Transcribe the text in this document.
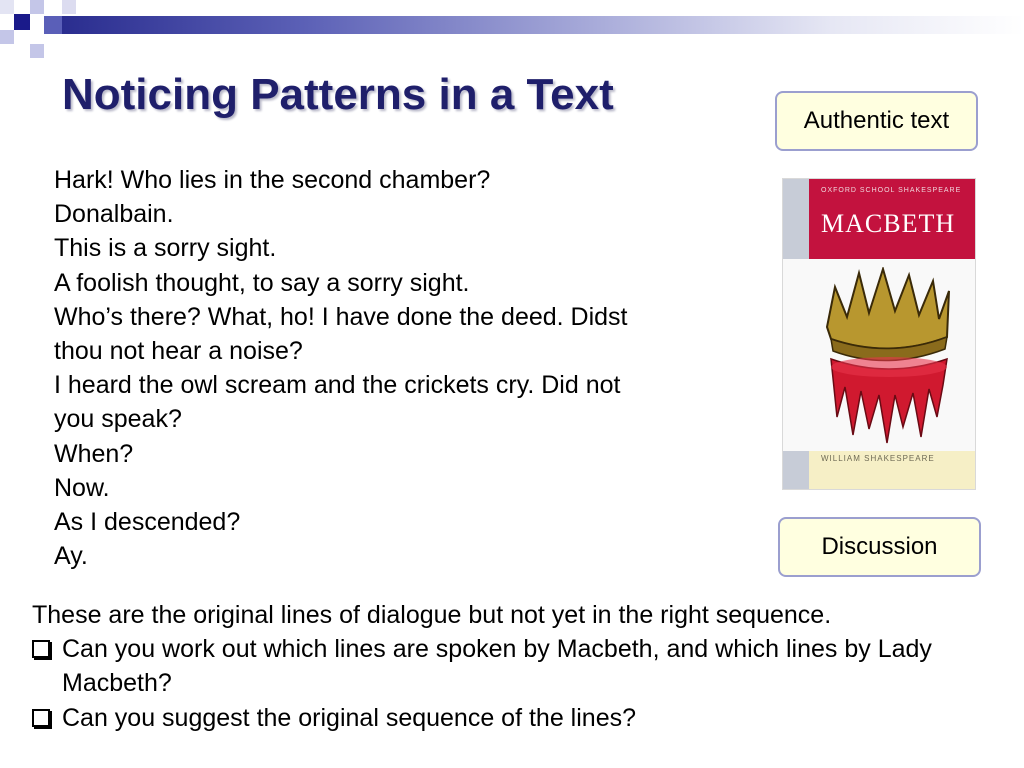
Noticing Patterns in a Text
Hark! Who lies in the second chamber?
Donalbain.
This is a sorry sight.
A foolish thought, to say a sorry sight.
Who’s there? What, ho! I have done the deed. Didst
thou not hear a noise?
I heard the owl scream and the crickets cry. Did not
you speak?
When?
Now.
As I descended?
Ay.
Authentic text
OXFORD SCHOOL SHAKESPEARE
MACBETH
WILLIAM SHAKESPEARE
Discussion
These are the original lines of dialogue but not yet in the right sequence.
Can you work out which lines are spoken by Macbeth, and which lines by Lady Macbeth?
Can you suggest the original sequence of the lines?
